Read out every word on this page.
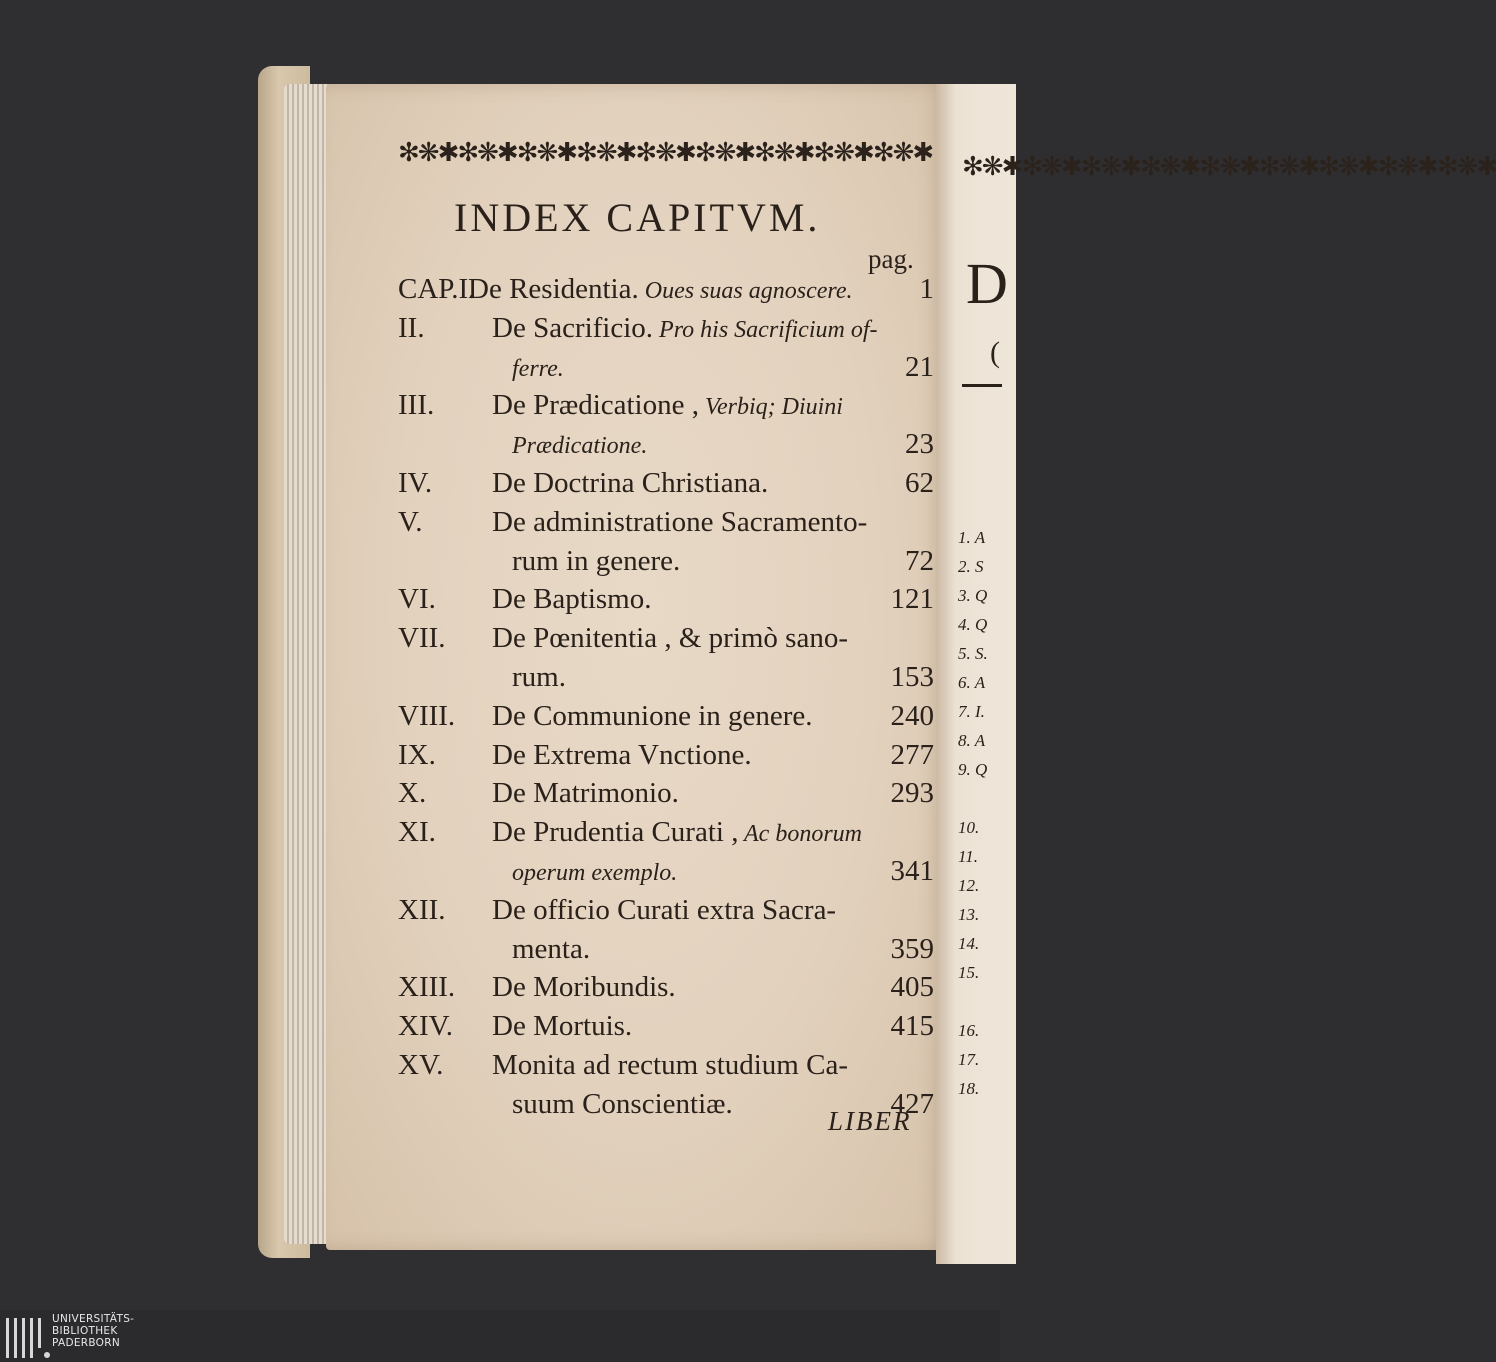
✻❋✱✻❋✱✻❋✱✻❋✱✻❋✱✻❋✱✻❋✱✻❋✱✻❋✱ ✻❋✱✻❋✱✻❋✱✻❋✱✻❋✱✻❋✱✻❋✱✻❋✱✻❋✱
INDEX CAPITVM.
pag.
CAP.I.
De Residentia. Oues suas agnoscere.	1
II. De Sacrificio. Pro his Sacrificium of-
ferre.	21
III. De Prædicatione , Verbiq; Diuini
Prædicatione.	23
IV. De Doctrina Christiana.	62
V. De administratione Sacramento-
rum in genere.	72
VI. De Baptismo.	121
VII. De Pœnitentia , & primò sano-
rum.	153
VIII. De Communione in genere.	240
IX. De Extrema Vnctione.	277
X. De Matrimonio.	293
XI. De Prudentia Curati , Ac bonorum
operum exemplo.	341
XII. De officio Curati extra Sacra-
menta.	359
XIII. De Moribundis.	405
XIV. De Mortuis.	415
XV. Monita ad rectum studium Ca-
suum Conscientiæ.	427
LIBER
D
(
1. A
2. S
3. Q
4. Q
5. S.
6. A
7. I.
8. A
9. Q
10.
11.
12.
13.
14.
15.
16.
17.
18.
UNIVERSITÄTS-
BIBLIOTHEK
PADERBORN
